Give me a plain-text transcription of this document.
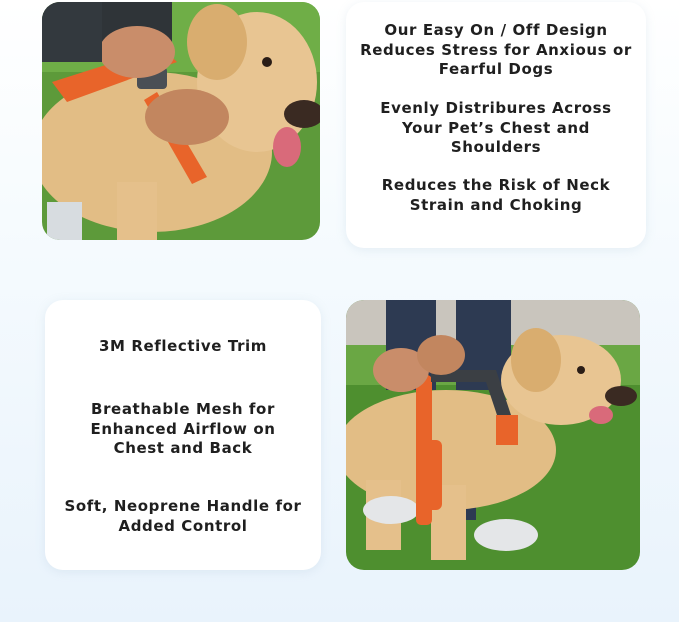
Our Easy On / Off Design
Reduces Stress for Anxious or
Fearful Dogs
Evenly Distribures Across
Your Pet’s Chest and
Shoulders
Reduces the Risk of Neck
Strain and Choking
3M Reflective Trim
Breathable Mesh for
Enhanced Airflow on
Chest and Back
Soft, Neoprene Handle for
Added Control
